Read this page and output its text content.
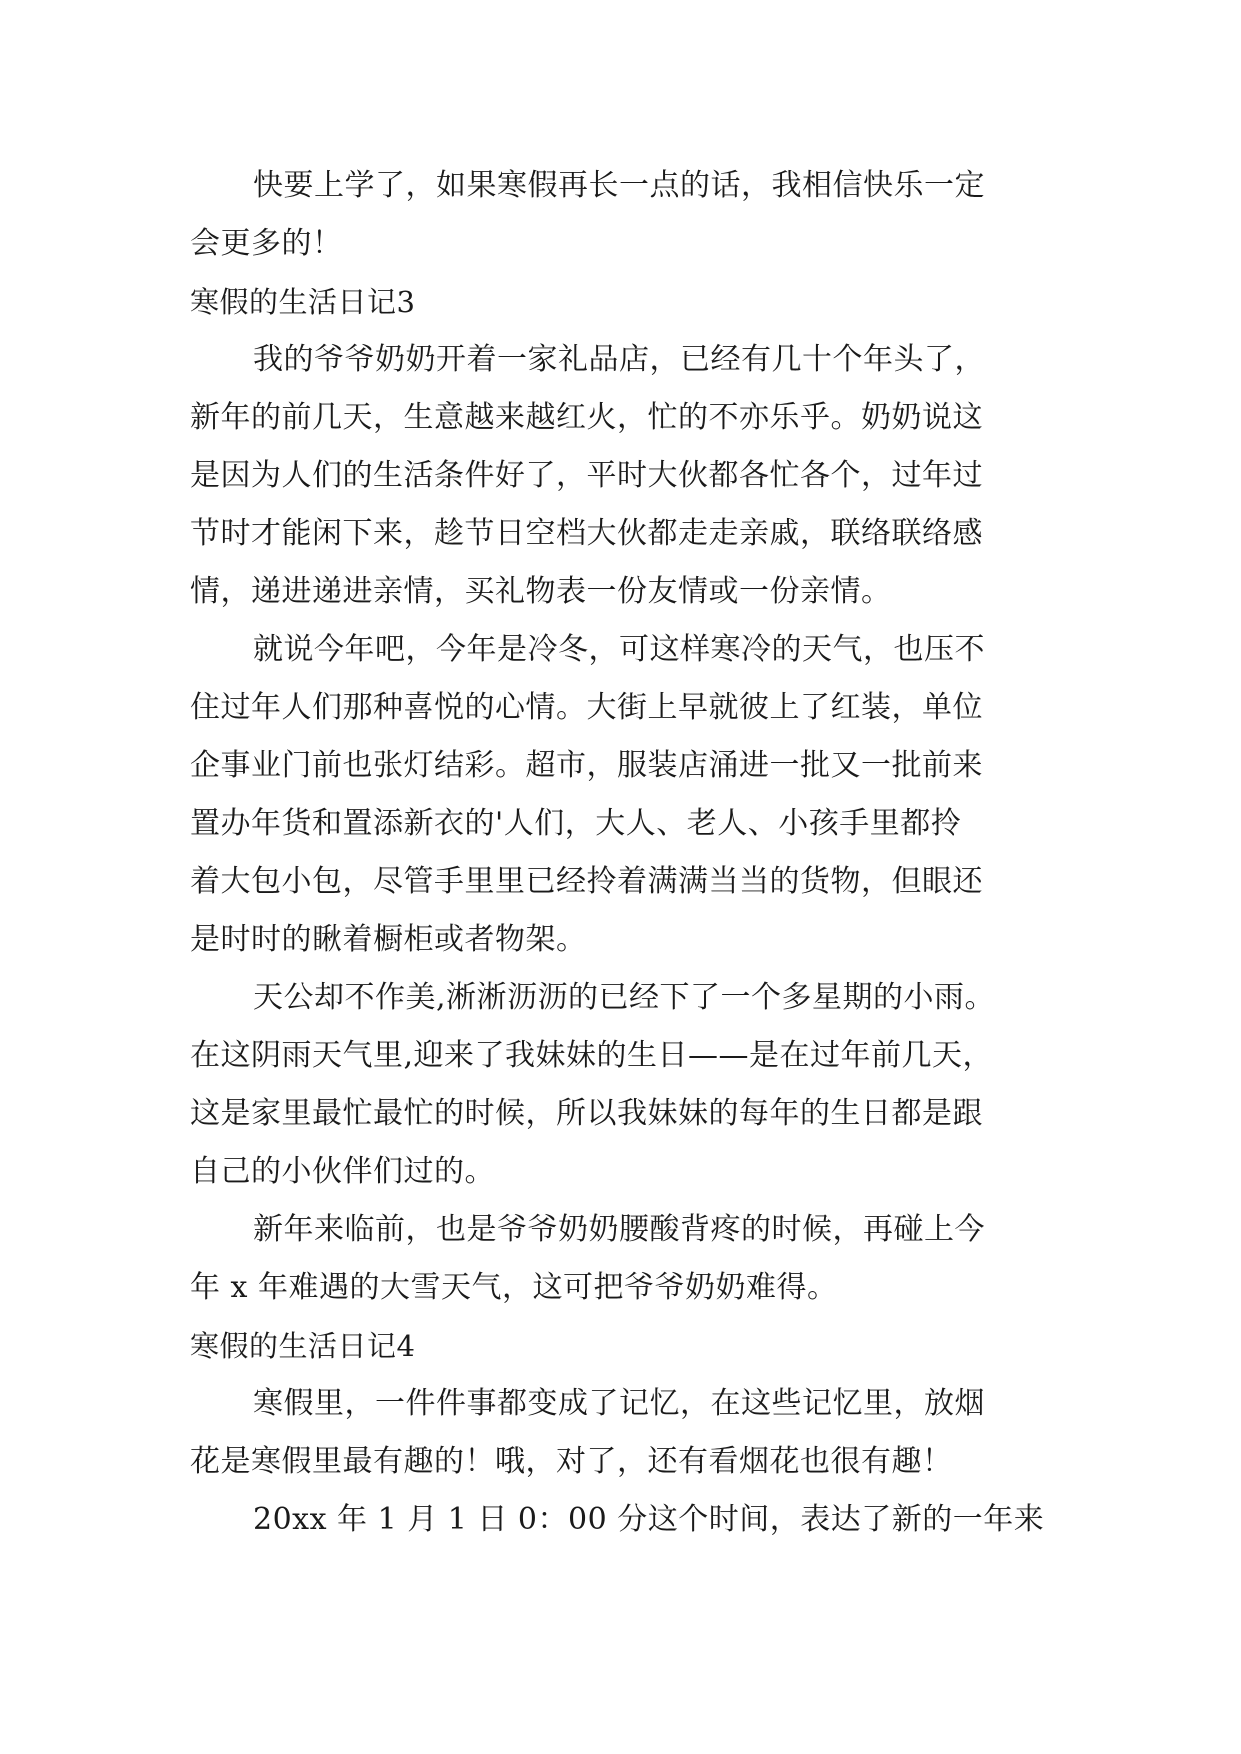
快要上学了，如果寒假再长一点的话，我相信快乐一定
会更多的！
寒假的生活日记3
我的爷爷奶奶开着一家礼品店，已经有几十个年头了，
新年的前几天，生意越来越红火，忙的不亦乐乎。奶奶说这
是因为人们的生活条件好了，平时大伙都各忙各个，过年过
节时才能闲下来，趁节日空档大伙都走走亲戚，联络联络感
情，递进递进亲情，买礼物表一份友情或一份亲情。
就说今年吧，今年是冷冬，可这样寒冷的天气，也压不
住过年人们那种喜悦的心情。大街上早就彼上了红装，单位
企事业门前也张灯结彩。超市，服装店涌进一批又一批前来
置办年货和置添新衣的'人们，大人、老人、小孩手里都拎
着大包小包，尽管手里里已经拎着满满当当的货物，但眼还
是时时的瞅着橱柜或者物架。
天公却不作美,淅淅沥沥的已经下了一个多星期的小雨。
在这阴雨天气里,迎来了我妹妹的生日——是在过年前几天，
这是家里最忙最忙的时候，所以我妹妹的每年的生日都是跟
自己的小伙伴们过的。
新年来临前，也是爷爷奶奶腰酸背疼的时候，再碰上今
年 x 年难遇的大雪天气，这可把爷爷奶奶难得。
寒假的生活日记4
寒假里，一件件事都变成了记忆，在这些记忆里，放烟
花是寒假里最有趣的！哦，对了，还有看烟花也很有趣！
20xx 年 1 月 1 日 0：00 分这个时间，表达了新的一年来
